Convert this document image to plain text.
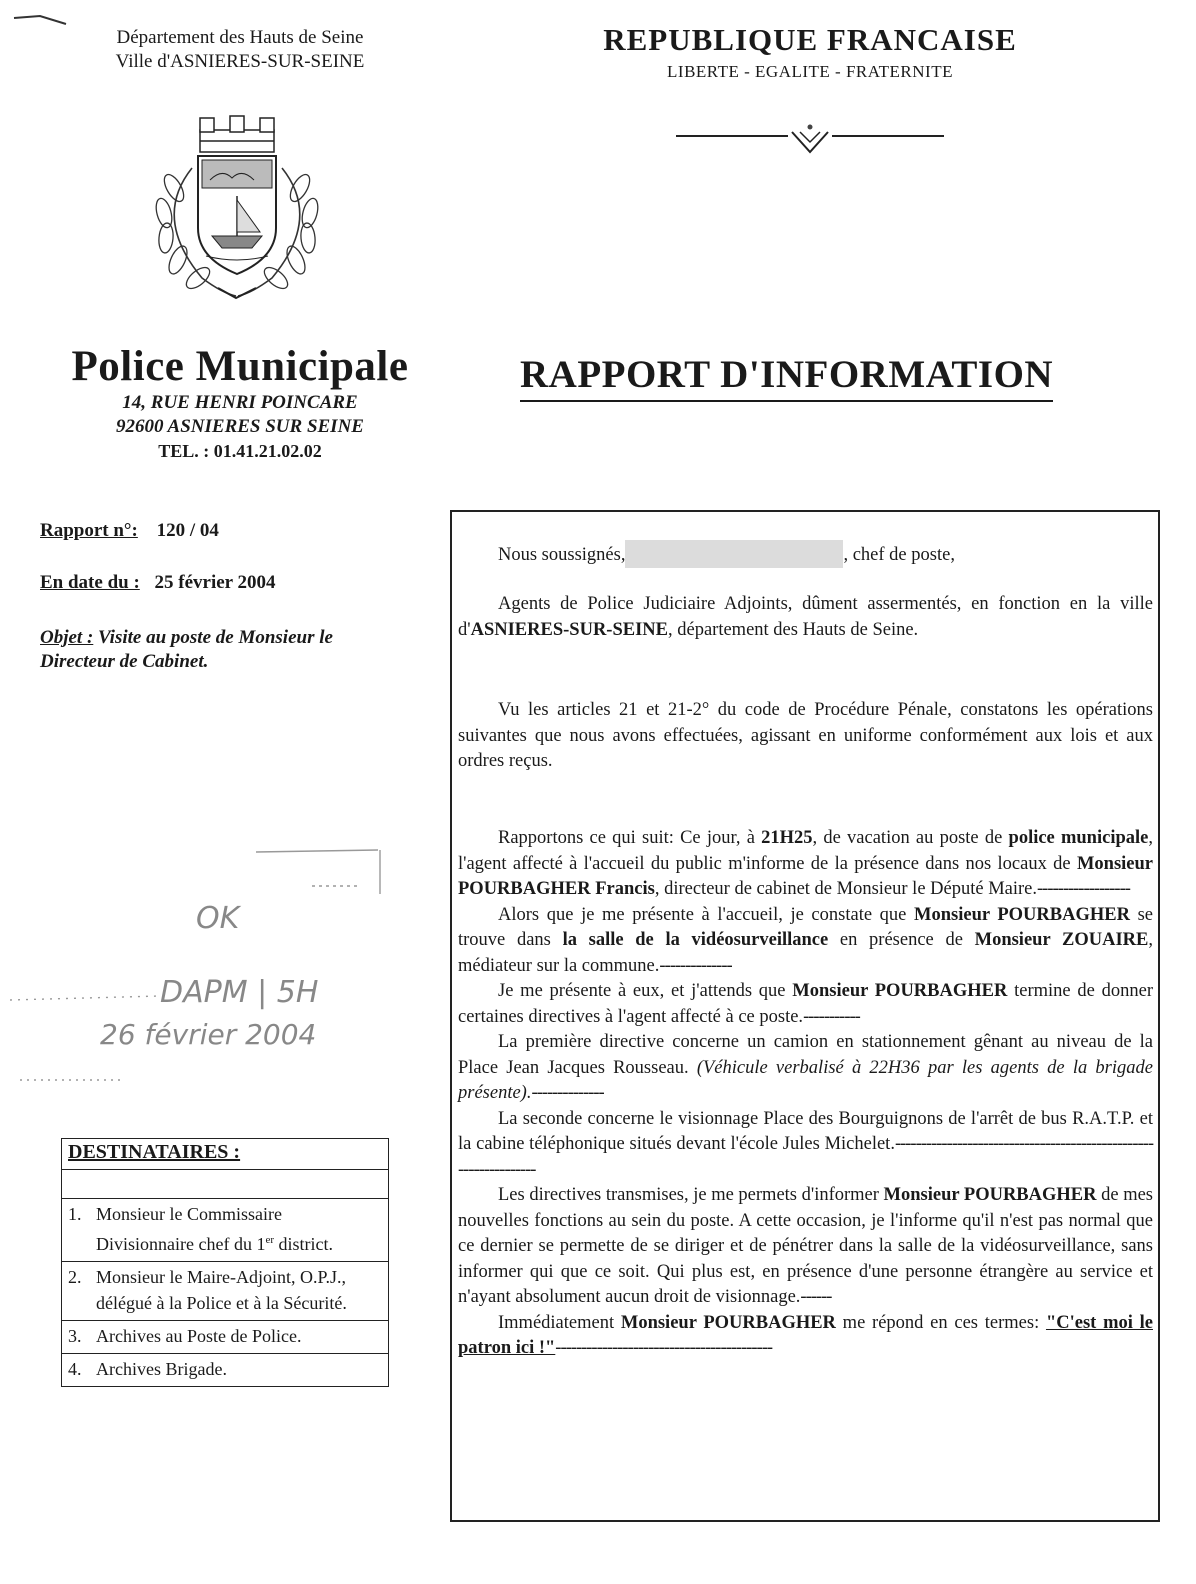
Département des Hauts de Seine
Ville d'ASNIERES-SUR-SEINE
REPUBLIQUE FRANCAISE
LIBERTE - EGALITE - FRATERNITE
Police Municipale
14, RUE HENRI POINCARE
92600 ASNIERES SUR SEINE
TEL. : 01.41.21.02.02
RAPPORT D'INFORMATION
Rapport n°: 120 / 04
En date du : 25 février 2004
Objet : Visite au poste de Monsieur le Directeur de Cabinet.
OK
DAPM | 5H
26 février 2004
DESTINATAIRES :
1. Monsieur le Commissaire Divisionnaire chef du 1er district.
2. Monsieur le Maire-Adjoint, O.P.J., délégué à la Police et à la Sécurité.
3. Archives au Poste de Police.
4. Archives Brigade.

Nous soussignés,	, chef de poste,

Agents de Police Judiciaire Adjoints, dûment assermentés, en fonction en la ville d'ASNIERES-SUR-SEINE, département des Hauts de Seine.

Vu les articles 21 et 21-2° du code de Procédure Pénale, constatons les opérations suivantes que nous avons effectuées, agissant en uniforme conformément aux lois et aux ordres reçus.

Rapportons ce qui suit: Ce jour, à 21H25, de vacation au poste de police municipale, l'agent affecté à l'accueil du public m'informe de la présence dans nos locaux de Monsieur POURBAGHER Francis, directeur de cabinet de Monsieur le Député Maire.------------------

Alors que je me présente à l'accueil, je constate que Monsieur POURBAGHER se trouve dans la salle de la vidéosurveillance en présence de Monsieur ZOUAIRE, médiateur sur la commune.--------------

Je me présente à eux, et j'attends que Monsieur POURBAGHER termine de donner certaines directives à l'agent affecté à ce poste.-----------

La première directive concerne un camion en stationnement gênant au niveau de la Place Jean Jacques Rousseau. (Véhicule verbalisé à 22H36 par les agents de la brigade présente).--------------

La seconde concerne le visionnage Place des Bourguignons de l'arrêt de bus R.A.T.P. et la cabine téléphonique situés devant l'école Jules Michelet.-----------------------------------------------------------------

Les directives transmises, je me permets d'informer Monsieur POURBAGHER de mes nouvelles fonctions au sein du poste. A cette occasion, je l'informe qu'il n'est pas normal que ce dernier se permette de se diriger et de pénétrer dans la salle de la vidéosurveillance, sans informer qui que ce soit. Qui plus est, en présence d'une personne étrangère au service et n'ayant absolument aucun droit de visionnage.------

Immédiatement Monsieur POURBAGHER me répond en ces termes: "C'est moi le patron ici !"------------------------------------------
